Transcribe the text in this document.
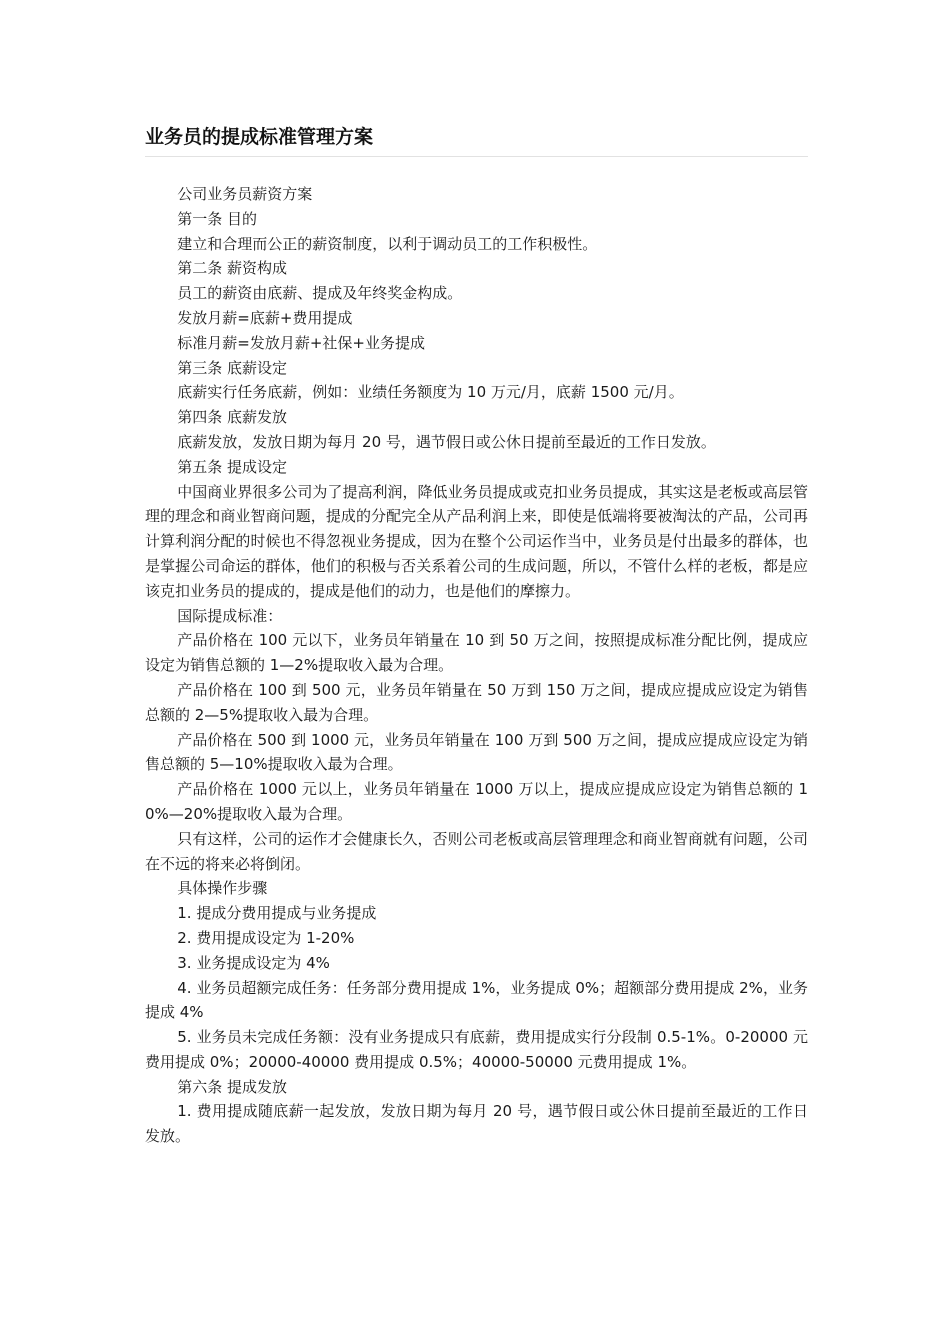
业务员的提成标准管理方案

公司业务员薪资方案

第一条 目的

建立和合理而公正的薪资制度，以利于调动员工的工作积极性。

第二条 薪资构成

员工的薪资由底薪、提成及年终奖金构成。

发放月薪=底薪+费用提成

标准月薪=发放月薪+社保+业务提成

第三条 底薪设定

底薪实行任务底薪，例如：业绩任务额度为 10 万元/月，底薪 1500 元/月。

第四条 底薪发放

底薪发放，发放日期为每月 20 号，遇节假日或公休日提前至最近的工作日发放。

第五条 提成设定

中国商业界很多公司为了提高利润，降低业务员提成或克扣业务员提成，其实这是老板或高层管理的理念和商业智商问题，提成的分配完全从产品利润上来，即使是低端将要被淘汰的产品，公司再计算利润分配的时候也不得忽视业务提成，因为在整个公司运作当中，业务员是付出最多的群体，也是掌握公司命运的群体，他们的积极与否关系着公司的生成问题，所以，不管什么样的老板，都是应该克扣业务员的提成的，提成是他们的动力，也是他们的摩擦力。

国际提成标准：

产品价格在 100 元以下，业务员年销量在 10 到 50 万之间，按照提成标准分配比例，提成应设定为销售总额的 1—2%提取收入最为合理。

产品价格在 100 到 500 元，业务员年销量在 50 万到 150 万之间，提成应提成应设定为销售总额的 2—5%提取收入最为合理。

产品价格在 500 到 1000 元，业务员年销量在 100 万到 500 万之间，提成应提成应设定为销售总额的 5—10%提取收入最为合理。

产品价格在 1000 元以上，业务员年销量在 1000 万以上，提成应提成应设定为销售总额的 10%—20%提取收入最为合理。

只有这样，公司的运作才会健康长久，否则公司老板或高层管理理念和商业智商就有问题，公司在不远的将来必将倒闭。

具体操作步骤

1. 提成分费用提成与业务提成

2. 费用提成设定为 1-20%

3. 业务提成设定为 4%

4. 业务员超额完成任务：任务部分费用提成 1%，业务提成 0%；超额部分费用提成 2%，业务提成 4%

5. 业务员未完成任务额：没有业务提成只有底薪，费用提成实行分段制 0.5-1%。0-20000 元费用提成 0%；20000-40000 费用提成 0.5%；40000-50000 元费用提成 1%。

第六条 提成发放

1. 费用提成随底薪一起发放，发放日期为每月 20 号，遇节假日或公休日提前至最近的工作日发放。
